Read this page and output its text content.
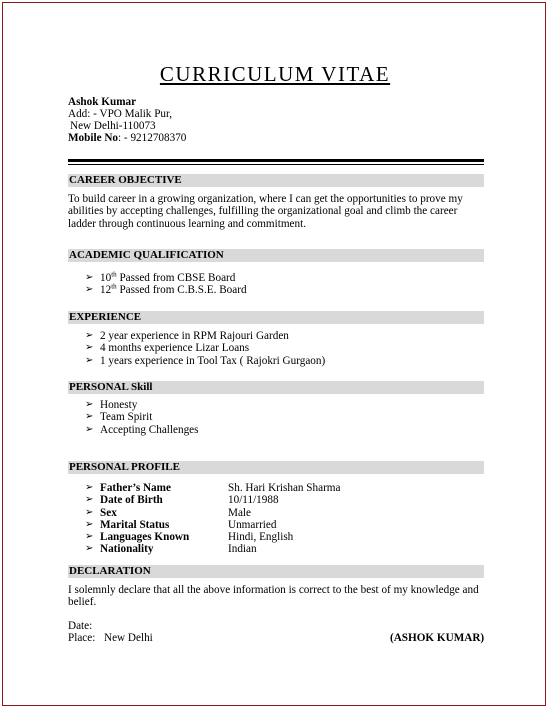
CURRICULUM VITAE
Ashok Kumar
Add: - VPO Malik Pur,
New Delhi-110073
Mobile No: - 9212708370
CAREER OBJECTIVE
To build career in a growing organization, where I can get the opportunities to prove my abilities by accepting challenges, fulfilling the organizational goal and climb the career ladder through continuous learning and commitment.
ACADEMIC QUALIFICATION
➢ 10th Passed from CBSE Board
➢ 12th Passed from C.B.S.E. Board
EXPERIENCE
➢ 2 year experience in RPM Rajouri Garden
➢ 4 months experience Lizar Loans
➢ 1 years experience in Tool Tax ( Rajokri Gurgaon)
PERSONAL Skill
➢ Honesty
➢ Team Spirit
➢ Accepting Challenges
PERSONAL PROFILE
➢ Father’s Name	Sh. Hari Krishan Sharma
➢ Date of Birth	10/11/1988
➢ Sex	Male
➢ Marital Status	Unmarried
➢ Languages Known	Hindi, English
➢ Nationality	Indian
DECLARATION
I solemnly declare that all the above information is correct to the best of my knowledge and belief.
Date:
Place: New Delhi	(ASHOK KUMAR)
